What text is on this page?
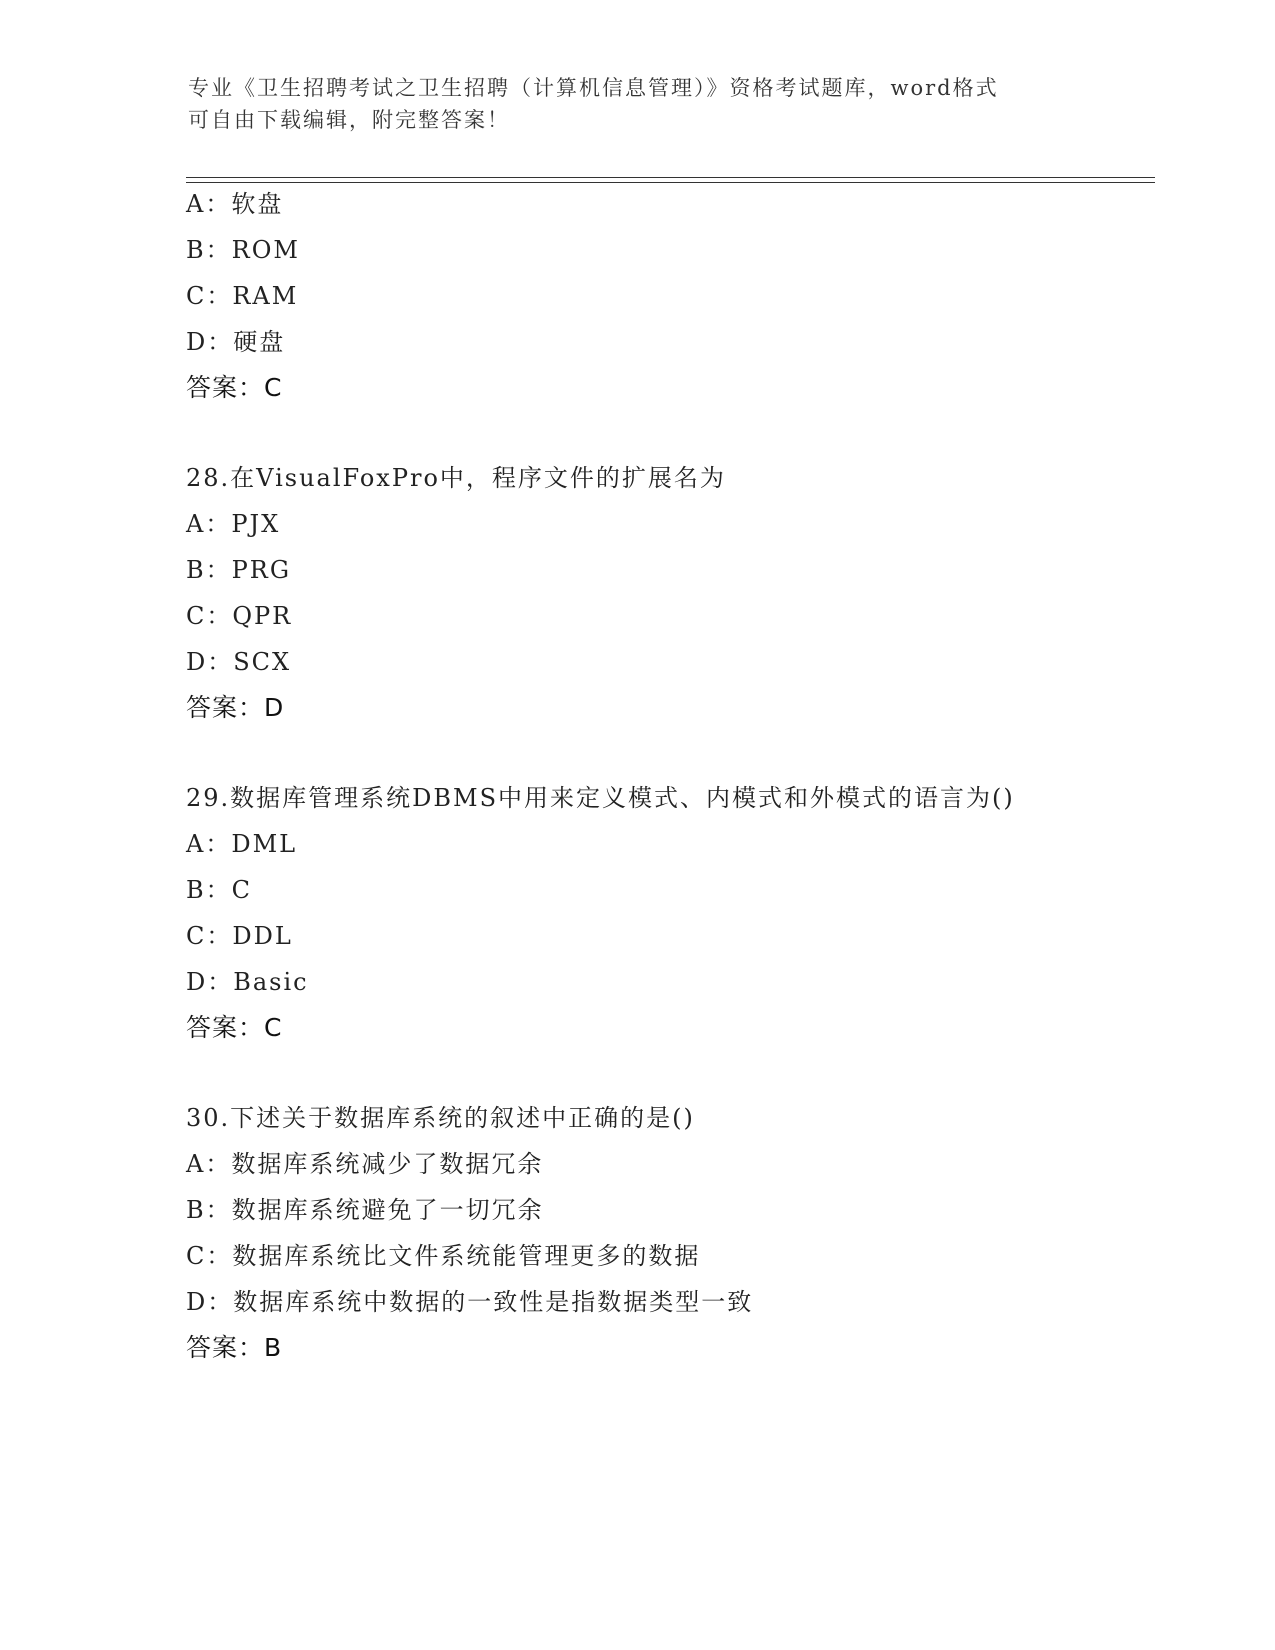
专业《卫生招聘考试之卫生招聘（计算机信息管理）》资格考试题库，word格式
可自由下载编辑，附完整答案！
A：软盘
B：ROM
C：RAM
D：硬盘
答案：C
28.在VisualFoxPro中，程序文件的扩展名为
A：PJX
B：PRG
C：QPR
D：SCX
答案：D
29.数据库管理系统DBMS中用来定义模式、内模式和外模式的语言为()
A：DML
B：C
C：DDL
D：Basic
答案：C
30.下述关于数据库系统的叙述中正确的是()
A：数据库系统减少了数据冗余
B：数据库系统避免了一切冗余
C：数据库系统比文件系统能管理更多的数据
D：数据库系统中数据的一致性是指数据类型一致
答案：B
